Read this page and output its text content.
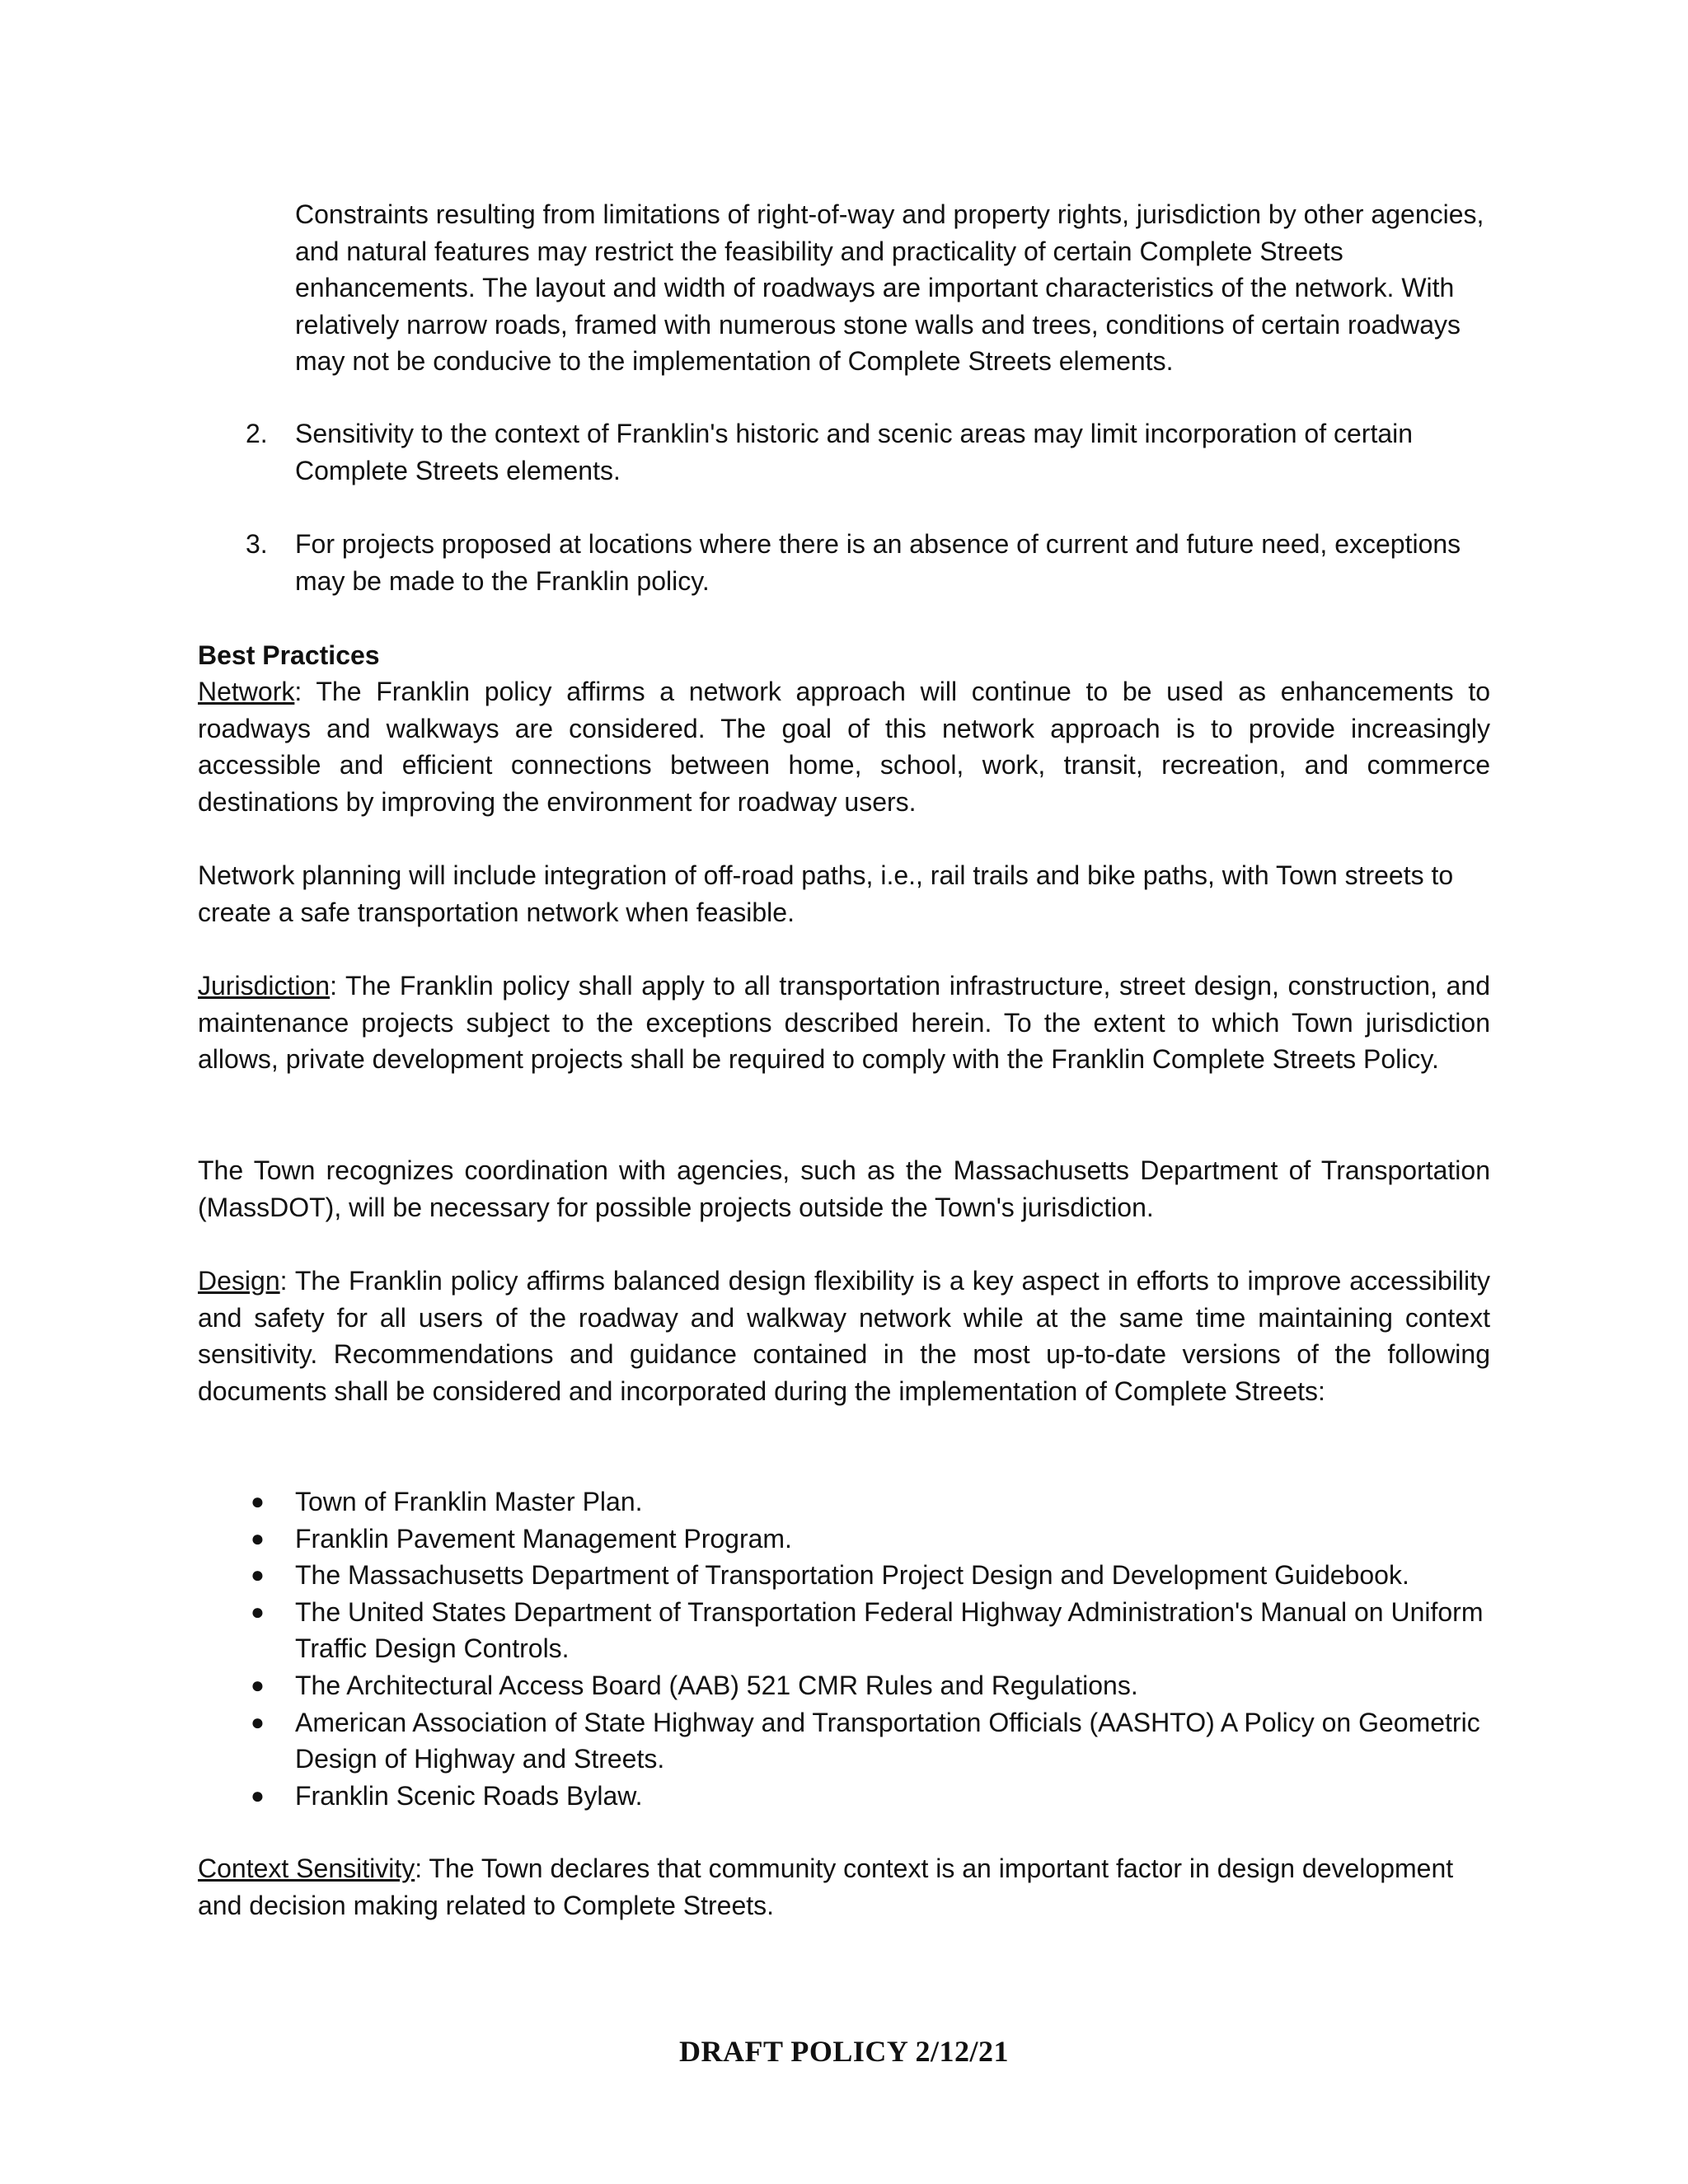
Constraints resulting from limitations of right-of-way and property rights, jurisdiction by other agencies, and natural features may restrict the feasibility and practicality of certain Complete Streets enhancements. The layout and width of roadways are important characteristics of the network. With relatively narrow roads, framed with numerous stone walls and trees, conditions of certain roadways may not be conducive to the implementation of Complete Streets elements.
2.	Sensitivity to the context of Franklin's historic and scenic areas may limit incorporation of certain Complete Streets elements.
3.	For projects proposed at locations where there is an absence of current and future need, exceptions may be made to the Franklin policy.
Best Practices
Network: The Franklin policy affirms a network approach will continue to be used as enhancements to roadways and walkways are considered. The goal of this network approach is to provide increasingly accessible and efficient connections between home, school, work, transit, recreation, and commerce destinations by improving the environment for roadway users.
Network planning will include integration of off-road paths, i.e., rail trails and bike paths, with Town streets to create a safe transportation network when feasible.
Jurisdiction: The Franklin policy shall apply to all transportation infrastructure, street design, construction, and maintenance projects subject to the exceptions described herein. To the extent to which Town jurisdiction allows, private development projects shall be required to comply with the Franklin Complete Streets Policy.
The Town recognizes coordination with agencies, such as the Massachusetts Department of Transportation (MassDOT), will be necessary for possible projects outside the Town's jurisdiction.
Design: The Franklin policy affirms balanced design flexibility is a key aspect in efforts to improve accessibility and safety for all users of the roadway and walkway network while at the same time maintaining context sensitivity. Recommendations and guidance contained in the most up-to-date versions of the following documents shall be considered and incorporated during the implementation of Complete Streets:
● Town of Franklin Master Plan.
● Franklin Pavement Management Program.
● The Massachusetts Department of Transportation Project Design and Development Guidebook.
● The United States Department of Transportation Federal Highway Administration's Manual on Uniform Traffic Design Controls.
● The Architectural Access Board (AAB) 521 CMR Rules and Regulations.
● American Association of State Highway and Transportation Officials (AASHTO) A Policy on Geometric Design of Highway and Streets.
● Franklin Scenic Roads Bylaw.
Context Sensitivity: The Town declares that community context is an important factor in design development and decision making related to Complete Streets.
DRAFT POLICY 2/12/21
